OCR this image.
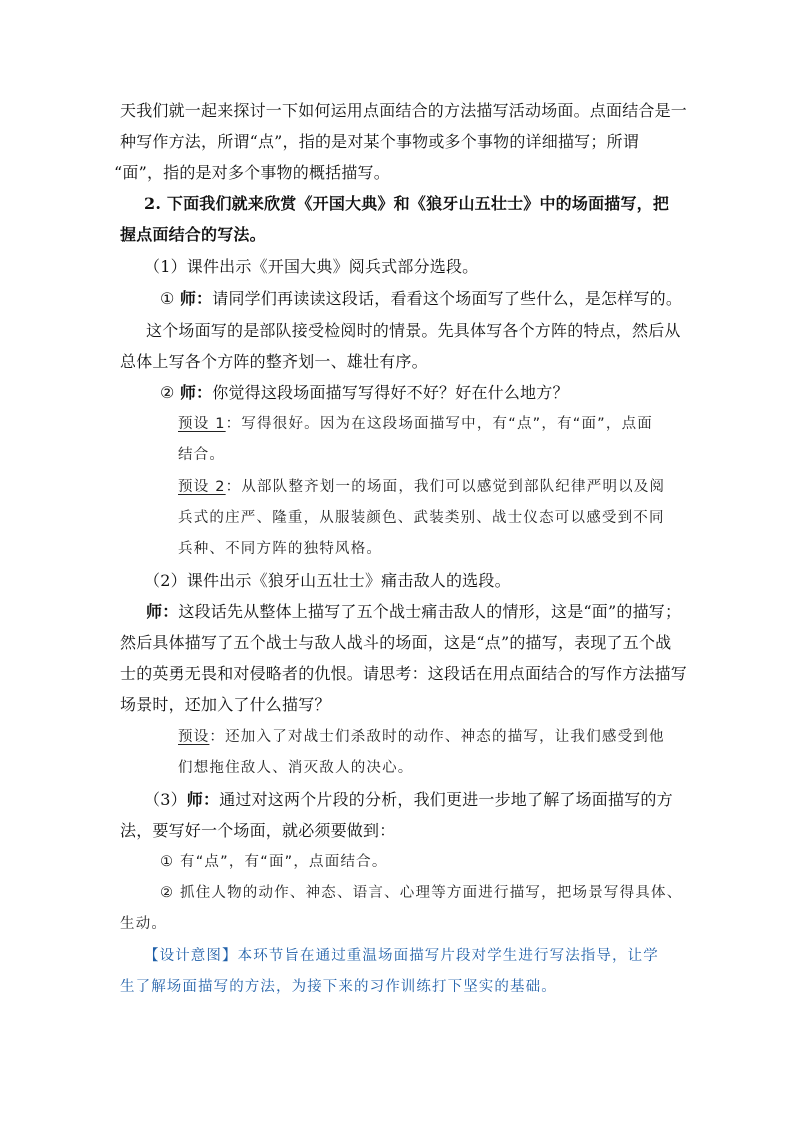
天我们就一起来探讨一下如何运用点面结合的方法描写活动场面。点面结合是一
种写作方法，所谓“点”，指的是对某个事物或多个事物的详细描写；所谓
“面”，指的是对多个事物的概括描写。
2. 下面我们就来欣赏《开国大典》和《狼牙山五壮士》中的场面描写，把
握点面结合的写法。
（1）课件出示《开国大典》阅兵式部分选段。
① 师：请同学们再读读这段话，看看这个场面写了些什么，是怎样写的。
这个场面写的是部队接受检阅时的情景。先具体写各个方阵的特点，然后从
总体上写各个方阵的整齐划一、雄壮有序。
② 师：你觉得这段场面描写写得好不好？好在什么地方？
预设 1：写得很好。因为在这段场面描写中，有“点”，有“面”，点面
结合。
预设 2：从部队整齐划一的场面，我们可以感觉到部队纪律严明以及阅
兵式的庄严、隆重，从服装颜色、武装类别、战士仪态可以感受到不同
兵种、不同方阵的独特风格。
（2）课件出示《狼牙山五壮士》痛击敌人的选段。
师：这段话先从整体上描写了五个战士痛击敌人的情形，这是“面”的描写；
然后具体描写了五个战士与敌人战斗的场面，这是“点”的描写，表现了五个战
士的英勇无畏和对侵略者的仇恨。请思考：这段话在用点面结合的写作方法描写
场景时，还加入了什么描写？
预设：还加入了对战士们杀敌时的动作、神态的描写，让我们感受到他
们想拖住敌人、消灭敌人的决心。
（3）师：通过对这两个片段的分析，我们更进一步地了解了场面描写的方
法，要写好一个场面，就必须要做到：
① 有“点”，有“面”，点面结合。
② 抓住人物的动作、神态、语言、心理等方面进行描写，把场景写得具体、
生动。
【设计意图】本环节旨在通过重温场面描写片段对学生进行写法指导，让学
生了解场面描写的方法，为接下来的习作训练打下坚实的基础。
